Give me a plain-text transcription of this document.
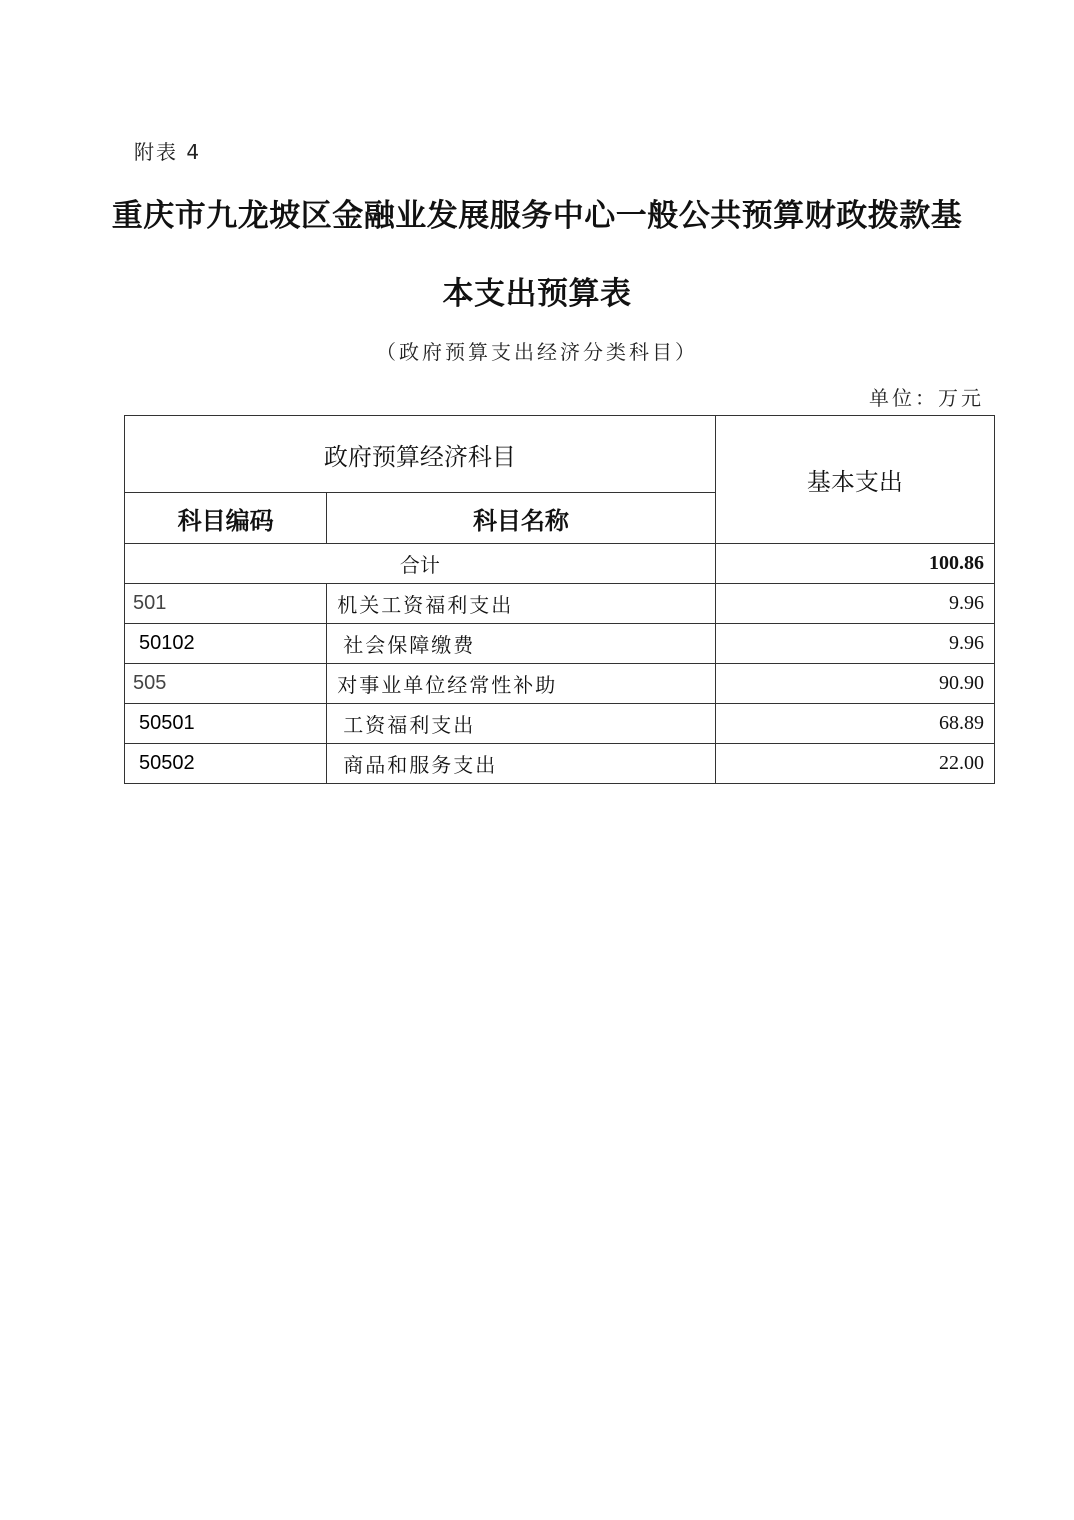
附表 4
重庆市九龙坡区金融业发展服务中心一般公共预算财政拨款基
本支出预算表
（政府预算支出经济分类科目）
单位：万元
政府预算经济科目		基本支出
科目编码	科目名称	
合计		100.86
501	机关工资福利支出	9.96
50102	社会保障缴费	9.96
505	对事业单位经常性补助	90.90
50501	工资福利支出	68.89
50502	商品和服务支出	22.00
